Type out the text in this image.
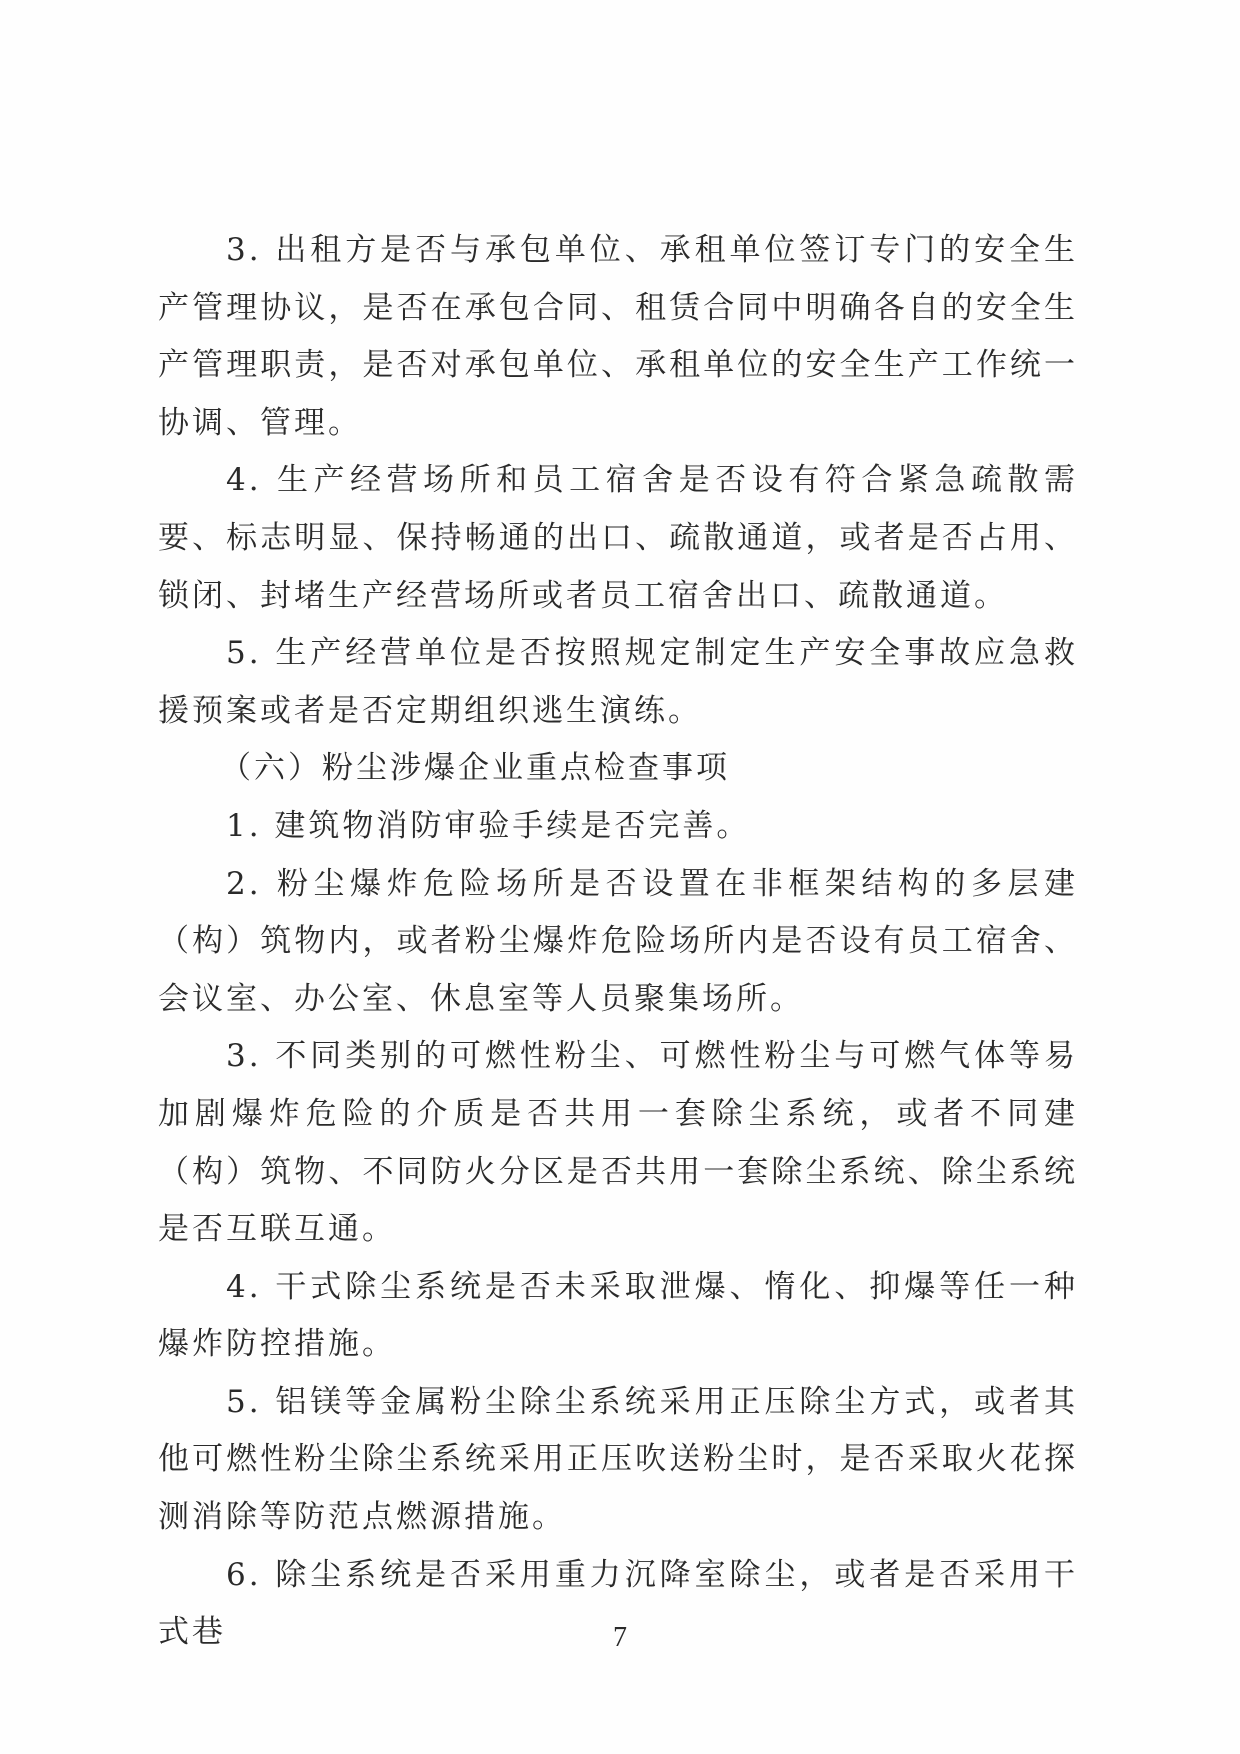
3. 出租方是否与承包单位、承租单位签订专门的安全生产管理协议，是否在承包合同、租赁合同中明确各自的安全生产管理职责，是否对承包单位、承租单位的安全生产工作统一协调、管理。

4. 生产经营场所和员工宿舍是否设有符合紧急疏散需要、标志明显、保持畅通的出口、疏散通道，或者是否占用、锁闭、封堵生产经营场所或者员工宿舍出口、疏散通道。

5. 生产经营单位是否按照规定制定生产安全事故应急救援预案或者是否定期组织逃生演练。

（六）粉尘涉爆企业重点检查事项

1. 建筑物消防审验手续是否完善。

2. 粉尘爆炸危险场所是否设置在非框架结构的多层建（构）筑物内，或者粉尘爆炸危险场所内是否设有员工宿舍、会议室、办公室、休息室等人员聚集场所。

3. 不同类别的可燃性粉尘、可燃性粉尘与可燃气体等易加剧爆炸危险的介质是否共用一套除尘系统，或者不同建（构）筑物、不同防火分区是否共用一套除尘系统、除尘系统是否互联互通。

4. 干式除尘系统是否未采取泄爆、惰化、抑爆等任一种爆炸防控措施。

5. 铝镁等金属粉尘除尘系统采用正压除尘方式，或者其他可燃性粉尘除尘系统采用正压吹送粉尘时，是否采取火花探测消除等防范点燃源措施。

6. 除尘系统是否采用重力沉降室除尘，或者是否采用干式巷	7
